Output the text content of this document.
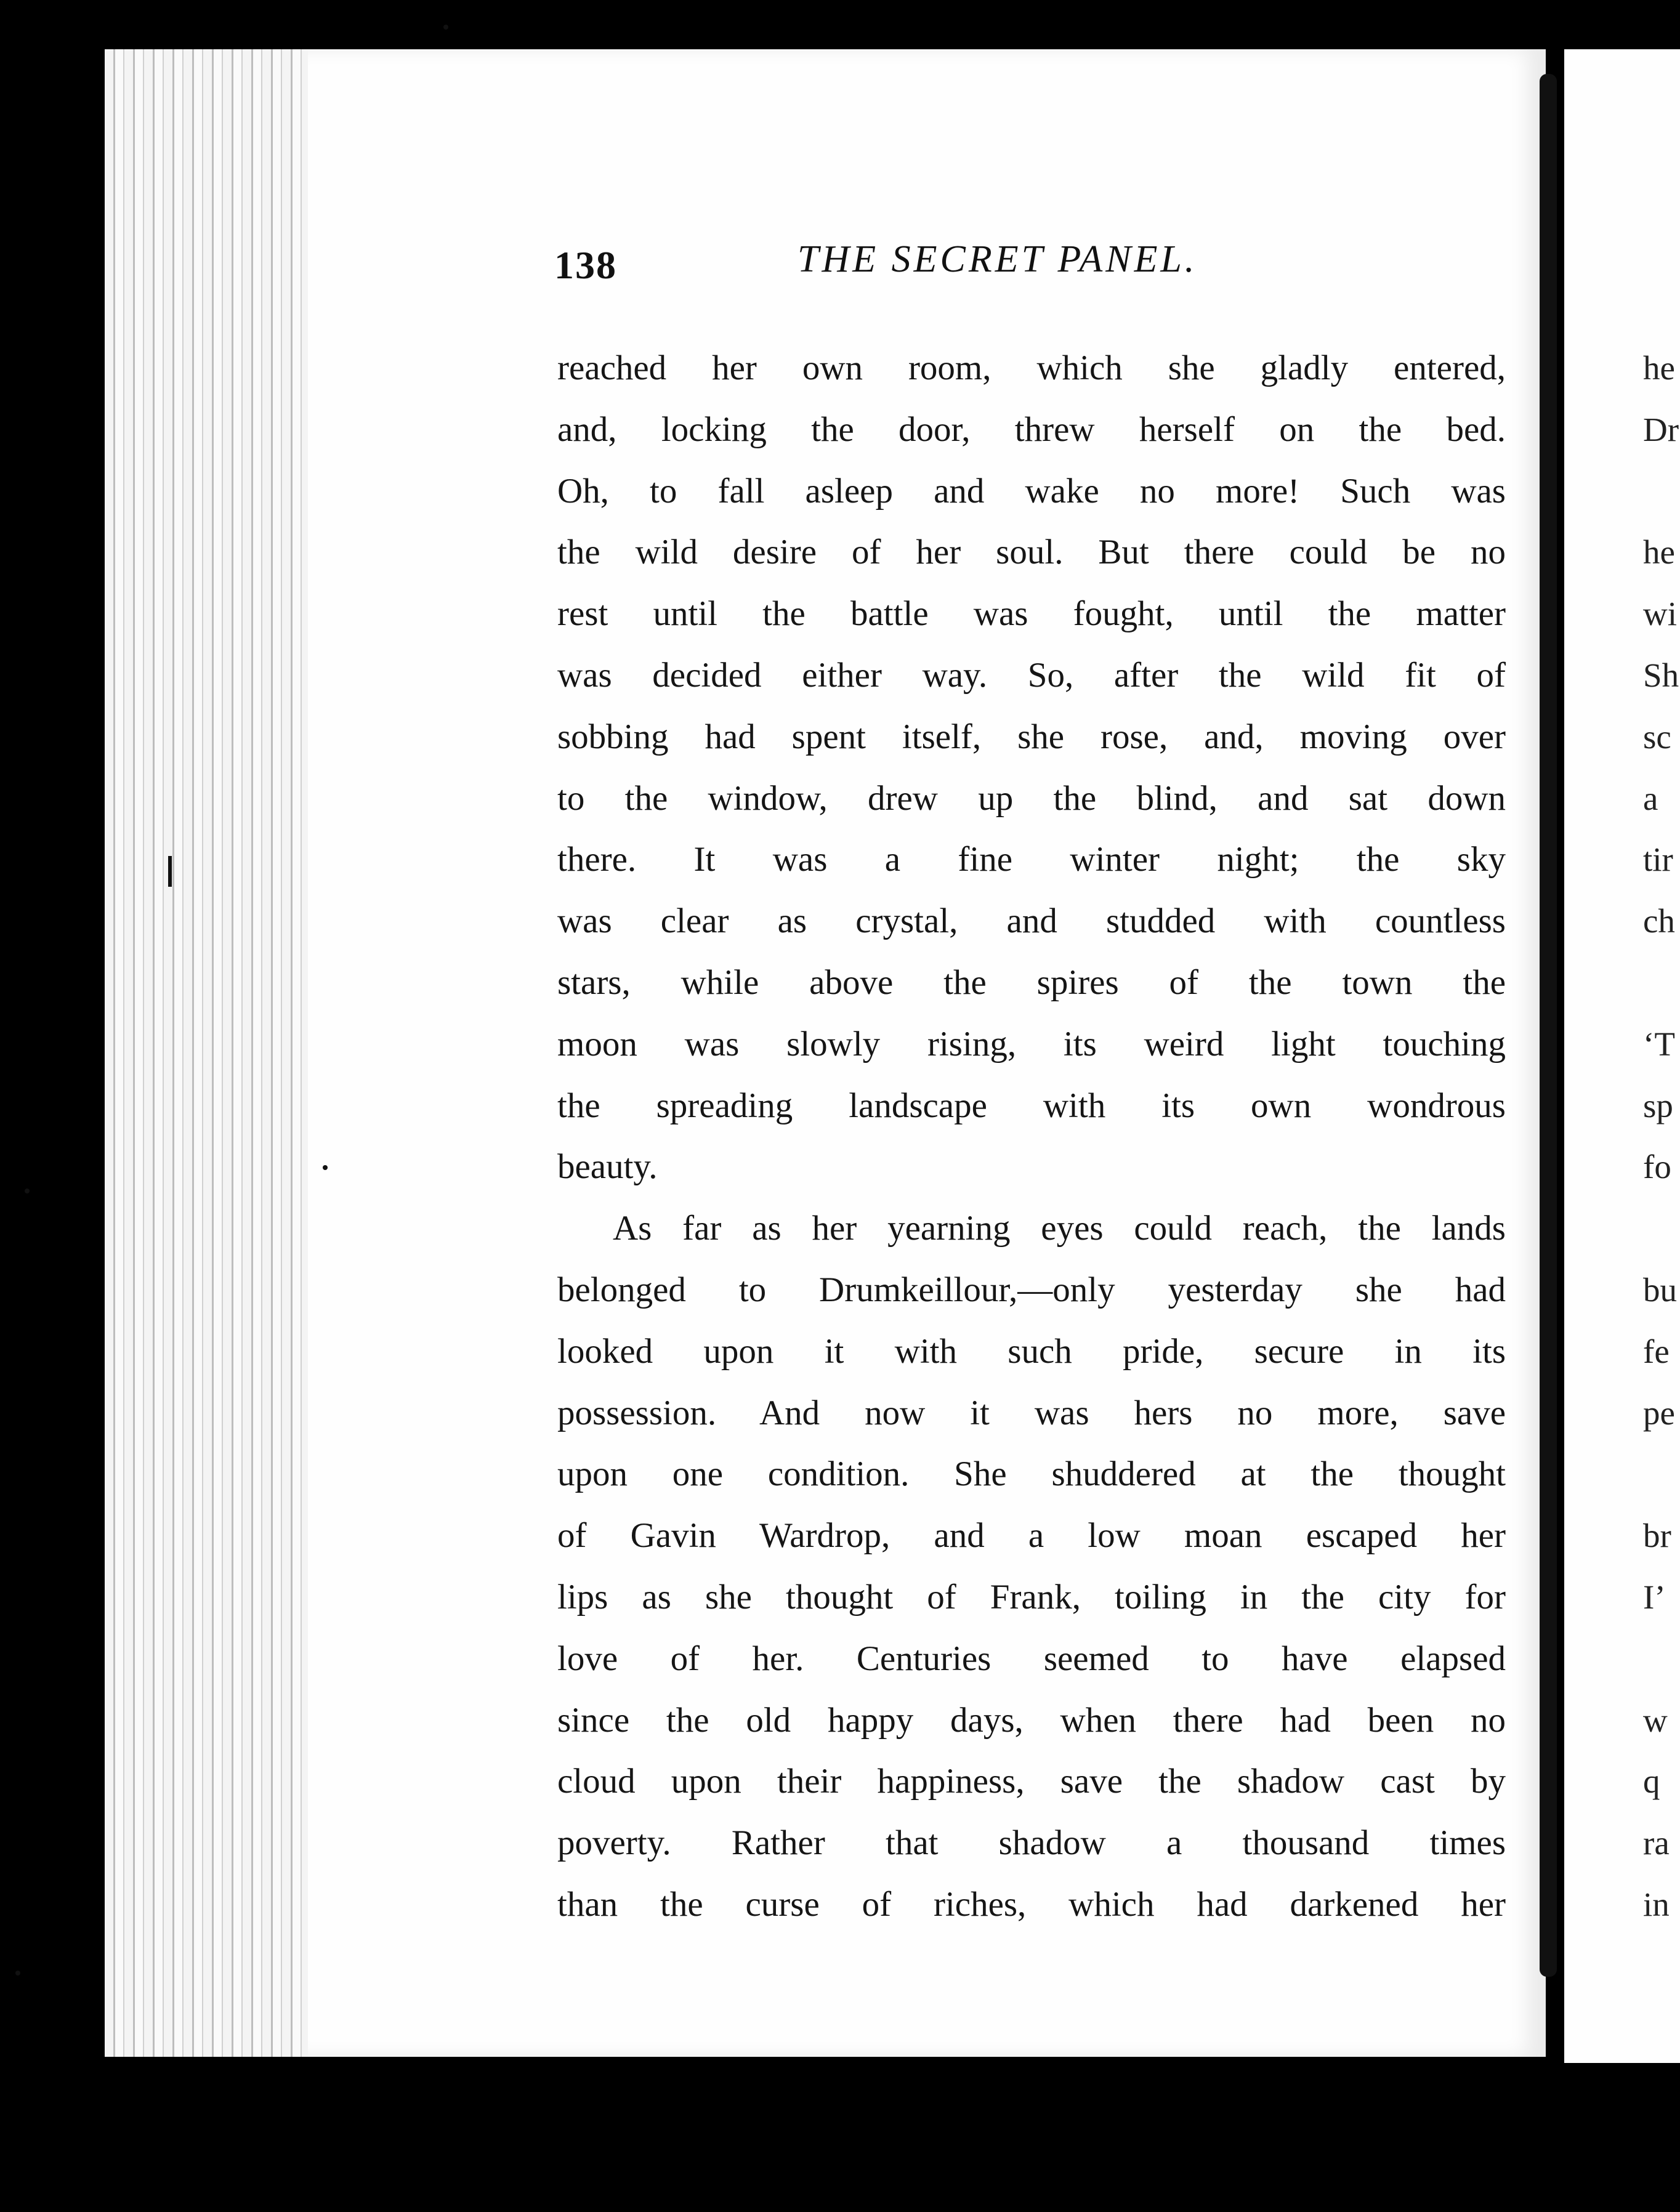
138	THE SECRET PANEL.
reached her own room, which she gladly entered,
and, locking the door, threw herself on the bed.
Oh, to fall asleep and wake no more! Such was
the wild desire of her soul. But there could be no
rest until the battle was fought, until the matter
was decided either way. So, after the wild fit of
sobbing had spent itself, she rose, and, moving over
to the window, drew up the blind, and sat down
there. It was a fine winter night; the sky
was clear as crystal, and studded with countless
stars, while above the spires of the town the
moon was slowly rising, its weird light touching
the spreading landscape with its own wondrous
beauty.
As far as her yearning eyes could reach, the lands
belonged to Drumkeillour,—only yesterday she had
looked upon it with such pride, secure in its
possession. And now it was hers no more, save
upon one condition. She shuddered at the thought
of Gavin Wardrop, and a low moan escaped her
lips as she thought of Frank, toiling in the city for
love of her. Centuries seemed to have elapsed
since the old happy days, when there had been no
cloud upon their happiness, save the shadow cast by
poverty. Rather that shadow a thousand times
than the curse of riches, which had darkened her
he
Dr
he
wi
Sh
sc
a
tir
ch
‘T
sp
fo
bu
fe
pe
br
I’
w
q
ra
in
